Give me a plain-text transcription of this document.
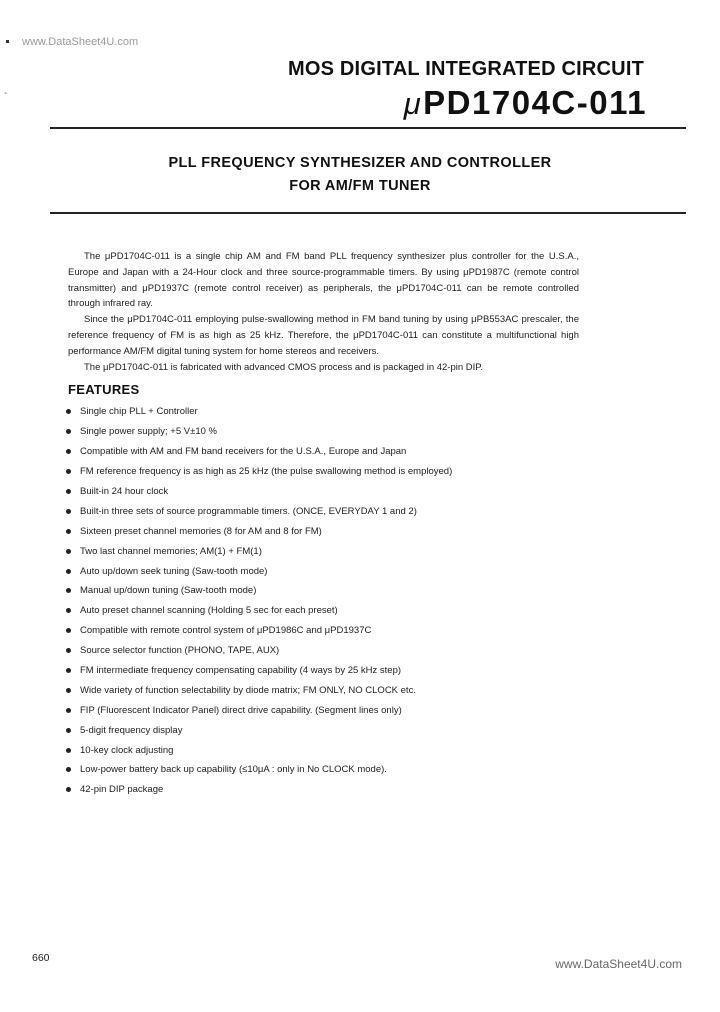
www.DataSheet4U.com
`
MOS DIGITAL INTEGRATED CIRCUIT
μPD1704C-011
PLL FREQUENCY SYNTHESIZER AND CONTROLLER
FOR AM/FM TUNER

The μPD1704C-011 is a single chip AM and FM band PLL frequency synthesizer plus controller for the U.S.A., Europe and Japan with a 24-Hour clock and three source-programmable timers. By using μPD1987C (remote control transmitter) and μPD1937C (remote control receiver) as peripherals, the μPD1704C-011 can be remote controlled through infrared ray.

Since the μPD1704C-011 employing pulse-swallowing method in FM band tuning by using μPB553AC prescaler, the reference frequency of FM is as high as 25 kHz. Therefore, the μPD1704C-011 can constitute a multifunctional high performance AM/FM digital tuning system for home stereos and receivers.

The μPD1704C-011 is fabricated with advanced CMOS process and is packaged in 42-pin DIP.

FEATURES
Single chip PLL + Controller
Single power supply; +5 V±10 %
Compatible with AM and FM band receivers for the U.S.A., Europe and Japan
FM reference frequency is as high as 25 kHz (the pulse swallowing method is employed)
Built-in 24 hour clock
Built-in three sets of source programmable timers. (ONCE, EVERYDAY 1 and 2)
Sixteen preset channel memories (8 for AM and 8 for FM)
Two last channel memories; AM(1) + FM(1)
Auto up/down seek tuning (Saw-tooth mode)
Manual up/down tuning (Saw-tooth mode)
Auto preset channel scanning (Holding 5 sec for each preset)
Compatible with remote control system of μPD1986C and μPD1937C
Source selector function (PHONO, TAPE, AUX)
FM intermediate frequency compensating capability (4 ways by 25 kHz step)
Wide variety of function selectability by diode matrix; FM ONLY, NO CLOCK etc.
FIP (Fluorescent Indicator Panel) direct drive capability. (Segment lines only)
5-digit frequency display
10-key clock adjusting
Low-power battery back up capability (≤10μA : only in No CLOCK mode).
42-pin DIP package
660	www.DataSheet4U.com
